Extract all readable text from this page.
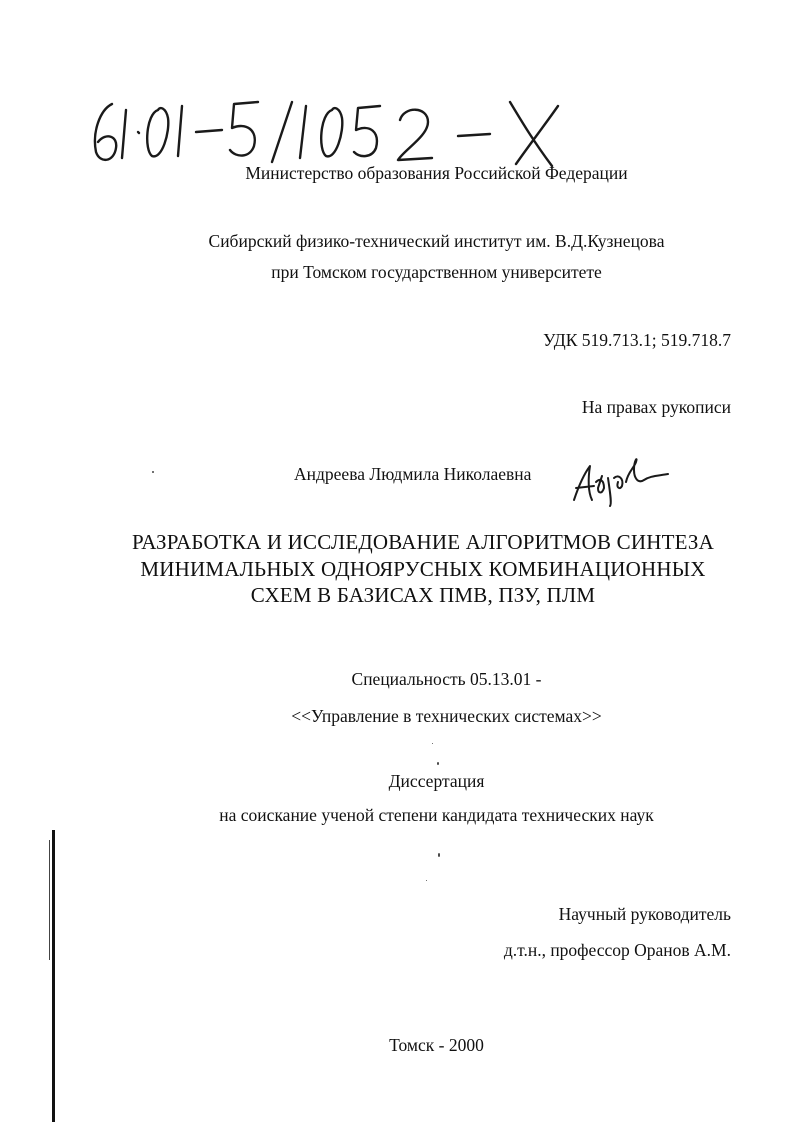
Министерство образования Российской Федерации
Сибирский физико-технический институт им. В.Д.Кузнецова
при Томском государственном университете
УДК 519.713.1; 519.718.7
На правах рукописи
Андреева Людмила Николаевна
РАЗРАБОТКА И ИССЛЕДОВАНИЕ АЛГОРИТМОВ СИНТЕЗА
МИНИМАЛЬНЫХ ОДНОЯРУСНЫХ КОМБИНАЦИОННЫХ
СХЕМ В БАЗИСАХ ПМВ, ПЗУ, ПЛМ
Специальность 05.13.01 -
<<Управление в технических системах>>
Диссертация
на соискание ученой степени кандидата технических наук
Научный руководитель
д.т.н., профессор Оранов А.М.
Томск - 2000
